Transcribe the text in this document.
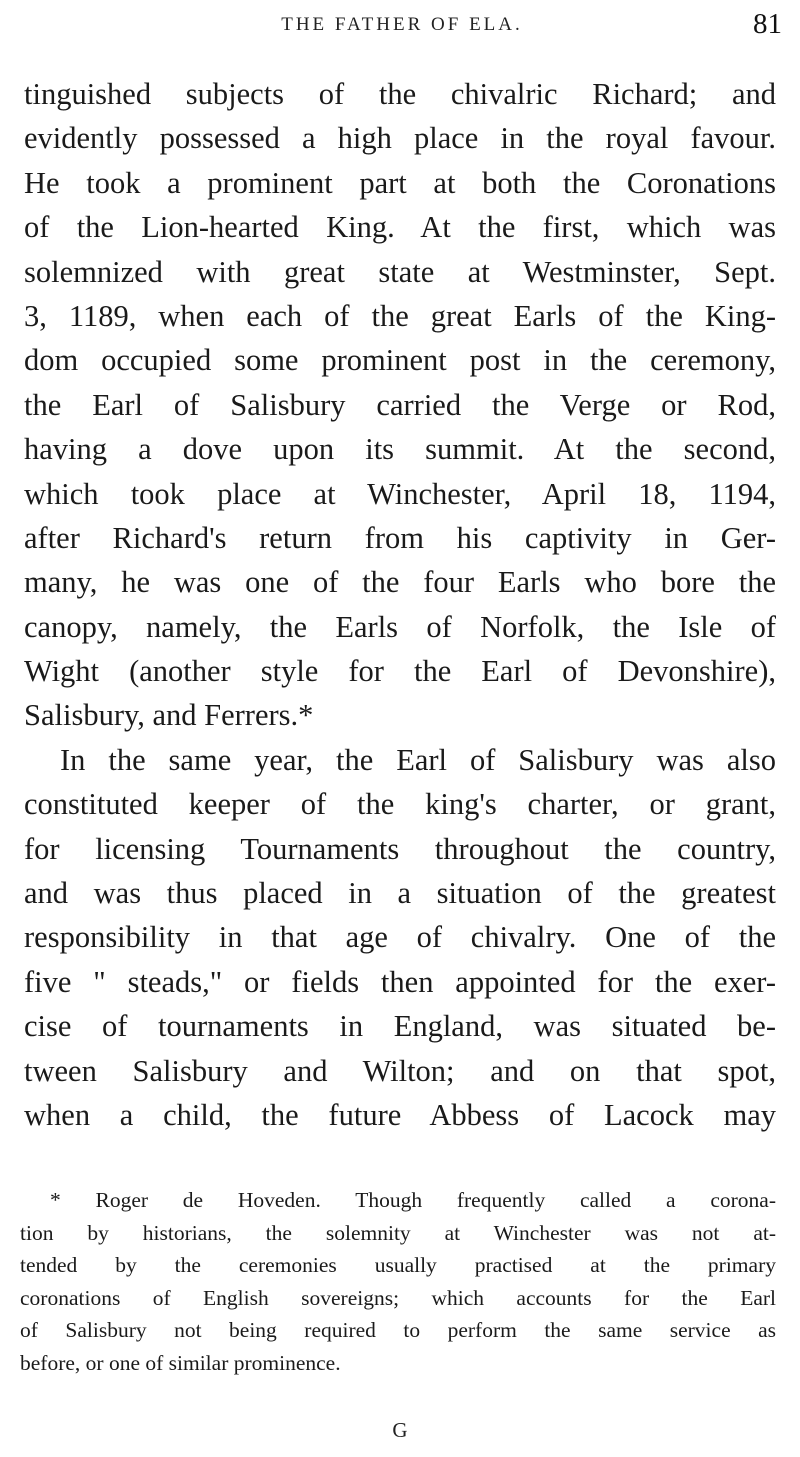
THE FATHER OF ELA.	81
tinguished subjects of the chivalric Richard; and
evidently possessed a high place in the royal favour.
He took a prominent part at both the Coronations
of the Lion-hearted King. At the first, which was
solemnized with great state at Westminster, Sept.
3, 1189, when each of the great Earls of the King-
dom occupied some prominent post in the ceremony,
the Earl of Salisbury carried the Verge or Rod,
having a dove upon its summit. At the second,
which took place at Winchester, April 18, 1194,
after Richard's return from his captivity in Ger-
many, he was one of the four Earls who bore the
canopy, namely, the Earls of Norfolk, the Isle of
Wight (another style for the Earl of Devonshire),
Salisbury, and Ferrers.*
In the same year, the Earl of Salisbury was also
constituted keeper of the king's charter, or grant,
for licensing Tournaments throughout the country,
and was thus placed in a situation of the greatest
responsibility in that age of chivalry. One of the
five " steads," or fields then appointed for the exer-
cise of tournaments in England, was situated be-
tween Salisbury and Wilton; and on that spot,
when a child, the future Abbess of Lacock may
* Roger de Hoveden. Though frequently called a corona-
tion by historians, the solemnity at Winchester was not at-
tended by the ceremonies usually practised at the primary
coronations of English sovereigns; which accounts for the Earl
of Salisbury not being required to perform the same service as
before, or one of similar prominence.
G
